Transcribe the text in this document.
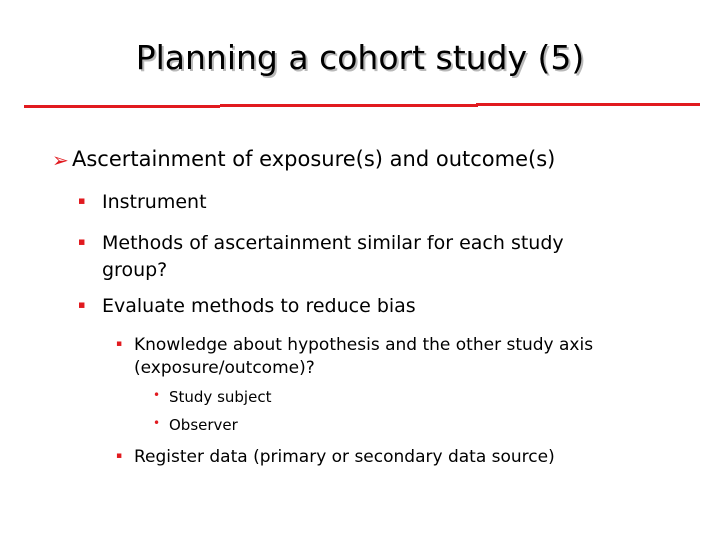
Planning a cohort study (5)
➢ Ascertainment of exposure(s) and outcome(s)
▪ Instrument
▪ Methods of ascertainment similar for each study
group?
▪ Evaluate methods to reduce bias
▪ Knowledge about hypothesis and the other study axis
(exposure/outcome)?
• Study subject
• Observer
▪ Register data (primary or secondary data source)
